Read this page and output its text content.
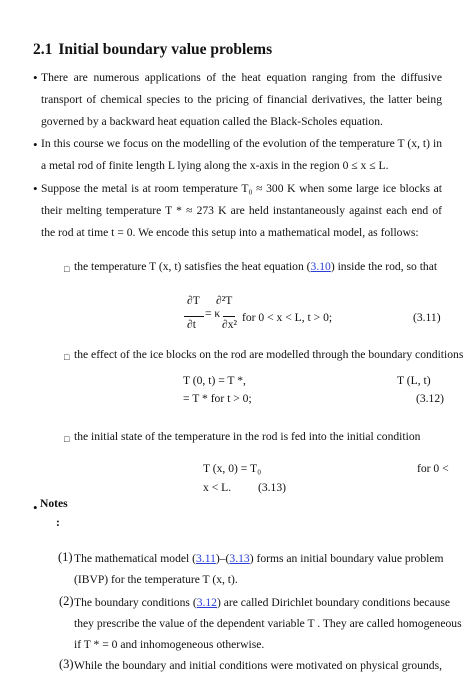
2.1 Initial boundary value problems
• There are numerous applications of the heat equation ranging from the diffusive
transport of chemical species to the pricing of financial derivatives, the latter being
governed by a backward heat equation called the Black-Scholes equation.
• In this course we focus on the modelling of the evolution of the temperature T (x, t) in
a metal rod of finite length L lying along the x-axis in the region 0 ≤ x ≤ L.
• Suppose the metal is at room temperature T₀ ≈ 300 K when some large ice blocks at
their melting temperature T * ≈ 273 K are held instantaneously against each end of
the rod at time t = 0. We encode this setup into a mathematical model, as follows:
□ the temperature T (x, t) satisfies the heat equation (3.10) inside the rod, so that
∂T
∂t
= κ
∂²T
∂x²
for 0 < x < L, t > 0;	(3.11)
□ the effect of the ice blocks on the rod are modelled through the boundary conditions
T (0, t) = T *,	T (L, t)
= T * for t > 0;	(3.12)
□ the initial state of the temperature in the rod is fed into the initial condition
T (x, 0) = T₀	for 0 <
x < L. (3.13)
• Notes
:
(1) The mathematical model (3.11)–(3.13) forms an initial boundary value problem
(IBVP) for the temperature T (x, t).
(2) The boundary conditions (3.12) are called Dirichlet boundary conditions because
they prescribe the value of the dependent variable T . They are called homogeneous
if T * = 0 and inhomogeneous otherwise.
(3) While the boundary and initial conditions were motivated on physical grounds,
